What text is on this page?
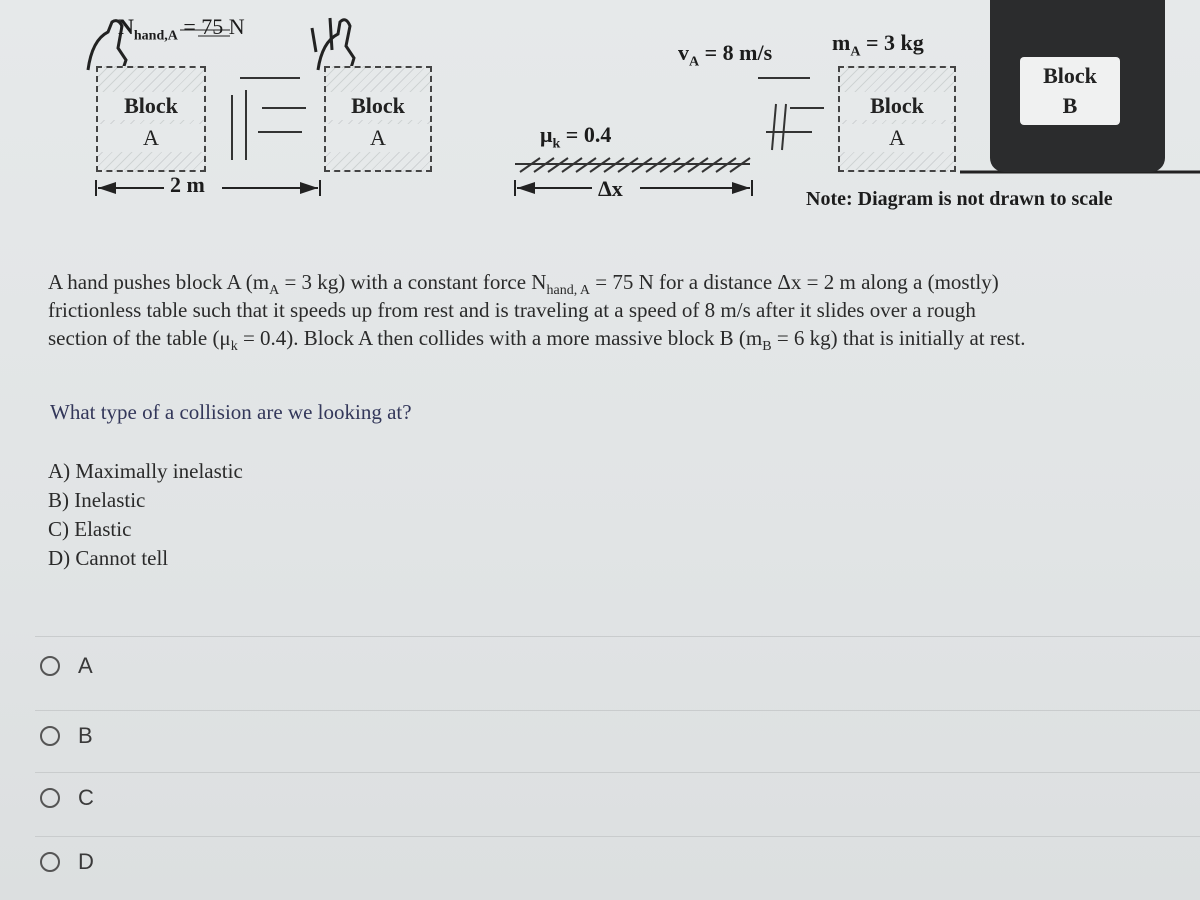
$N_{hand,A} = 75$ N
Block
A
Block
A
Block
A
Block
B
2 m
$\mu_k = 0.4$
Δx
$v_A = 8$ m/s	$m_A = 3$ kg
Note: Diagram is not drawn to scale
A hand pushes block A ($m_A = 3$ kg) with a constant force $N_{hand, A} = 75$ N for a distance Δx = 2 m along a (mostly)
frictionless table such that it speeds up from rest and is traveling at a speed of 8 m/s after it slides over a rough
section of the table $(\mu_k = 0.4)$. Block A then collides with a more massive block B ($m_B = 6$ kg) that is initially at rest.
What type of a collision are we looking at?
A) Maximally inelastic
B) Inelastic
C) Elastic
D) Cannot tell
A
B
C
D
